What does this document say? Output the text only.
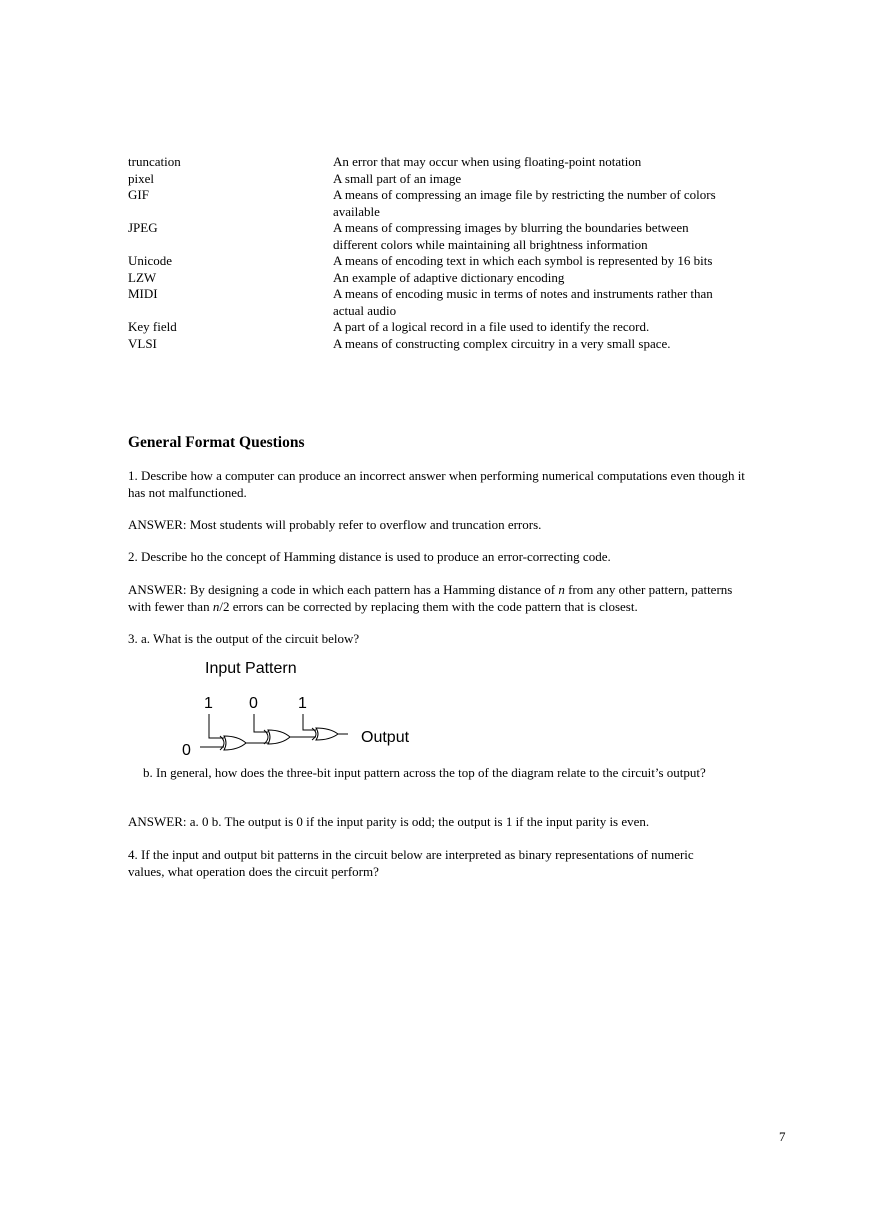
truncation	An error that may occur when using floating-point notation
pixel	A small part of an image
GIF	A means of compressing an image file by restricting the number of colors available
JPEG	A means of compressing images by blurring the boundaries between different colors while maintaining all brightness information
Unicode	A means of encoding text in which each symbol is represented by 16 bits
LZW	An example of adaptive dictionary encoding
MIDI	A means of encoding music in terms of notes and instruments rather than actual audio
Key field	A part of a logical record in a file used to identify the record.
VLSI	A means of constructing complex circuitry in a very small space.
General Format Questions

1. Describe how a computer can produce an incorrect answer when performing numerical computations even though it has not malfunctioned.

ANSWER: Most students will probably refer to overflow and truncation errors.

2. Describe ho the concept of Hamming distance is used to produce an error-correcting code.

ANSWER: By designing a code in which each pattern has a Hamming distance of n from any other pattern, patterns with fewer than n/2 errors can be corrected by replacing them with the code pattern that is closest.

3. a. What is the output of the circuit below?

Input Pattern
1 0	1
0
Output

b. In general, how does the three-bit input pattern across the top of the diagram relate to the circuit’s output?

ANSWER: a. 0 b. The output is 0 if the input parity is odd; the output is 1 if the input parity is even.

4. If the input and output bit patterns in the circuit below are interpreted as binary representations of numeric values, what operation does the circuit perform?

7
